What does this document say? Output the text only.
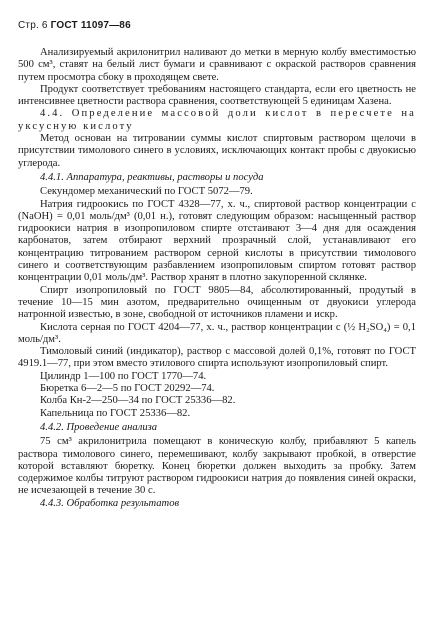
Стр. 6 ГОСТ 11097—86

Анализируемый акрилонитрил наливают до метки в мерную колбу вместимостью 500 см³, ставят на белый лист бумаги и сравнивают с окраской растворов сравнения путем просмотра сбоку в проходящем свете.

Продукт соответствует требованиям настоящего стандарта, если его цветность не интенсивнее цветности раствора сравнения, соответствующей 5 единицам Хазена.

4.4. Определение массовой доли кислот в пересчете на уксусную кислоту

Метод основан на титровании суммы кислот спиртовым раствором щелочи в присутствии тимолового синего в условиях, исключающих контакт пробы с двуокисью углерода.

4.4.1. Аппаратура, реактивы, растворы и посуда

Секундомер механический по ГОСТ 5072—79.

Натрия гидроокись по ГОСТ 4328—77, х. ч., спиртовой раствор концентрации c (NaOH) = 0,01 моль/дм³ (0,01 н.), готовят следующим образом: насыщенный раствор гидроокиси натрия в изопропиловом спирте отстаивают 3—4 дня для осаждения карбонатов, затем отбирают верхний прозрачный слой, устанавливают его концентрацию титрованием раствором серной кислоты в присутствии тимолового синего и соответствующим разбавлением изопропиловым спиртом готовят раствор концентрации 0,01 моль/дм³. Раствор хранят в плотно закупоренной склянке.

Спирт изопропиловый по ГОСТ 9805—84, абсолютированный, продутый в течение 10—15 мин азотом, предварительно очищенным от двуокиси углерода натронной известью, в зоне, свободной от источников пламени и искр.

Кислота серная по ГОСТ 4204—77, х. ч., раствор концентрации c (½ H₂SO₄) = 0,1 моль/дм³.

Тимоловый синий (индикатор), раствор с массовой долей 0,1%, готовят по ГОСТ 4919.1—77, при этом вместо этилового спирта используют изопропиловый спирт.

Цилиндр 1—100 по ГОСТ 1770—74.

Бюретка 6—2—5 по ГОСТ 20292—74.

Колба Кн-2—250—34 по ГОСТ 25336—82.

Капельница по ГОСТ 25336—82.

4.4.2. Проведение анализа

75 см³ акрилонитрила помещают в коническую колбу, прибавляют 5 капель раствора тимолового синего, перемешивают, колбу закрывают пробкой, в отверстие которой вставляют бюретку. Конец бюретки должен выходить за пробку. Затем содержимое колбы титруют раствором гидроокиси натрия до появления синей окраски, не исчезающей в течение 30 с.

4.4.3. Обработка результатов
